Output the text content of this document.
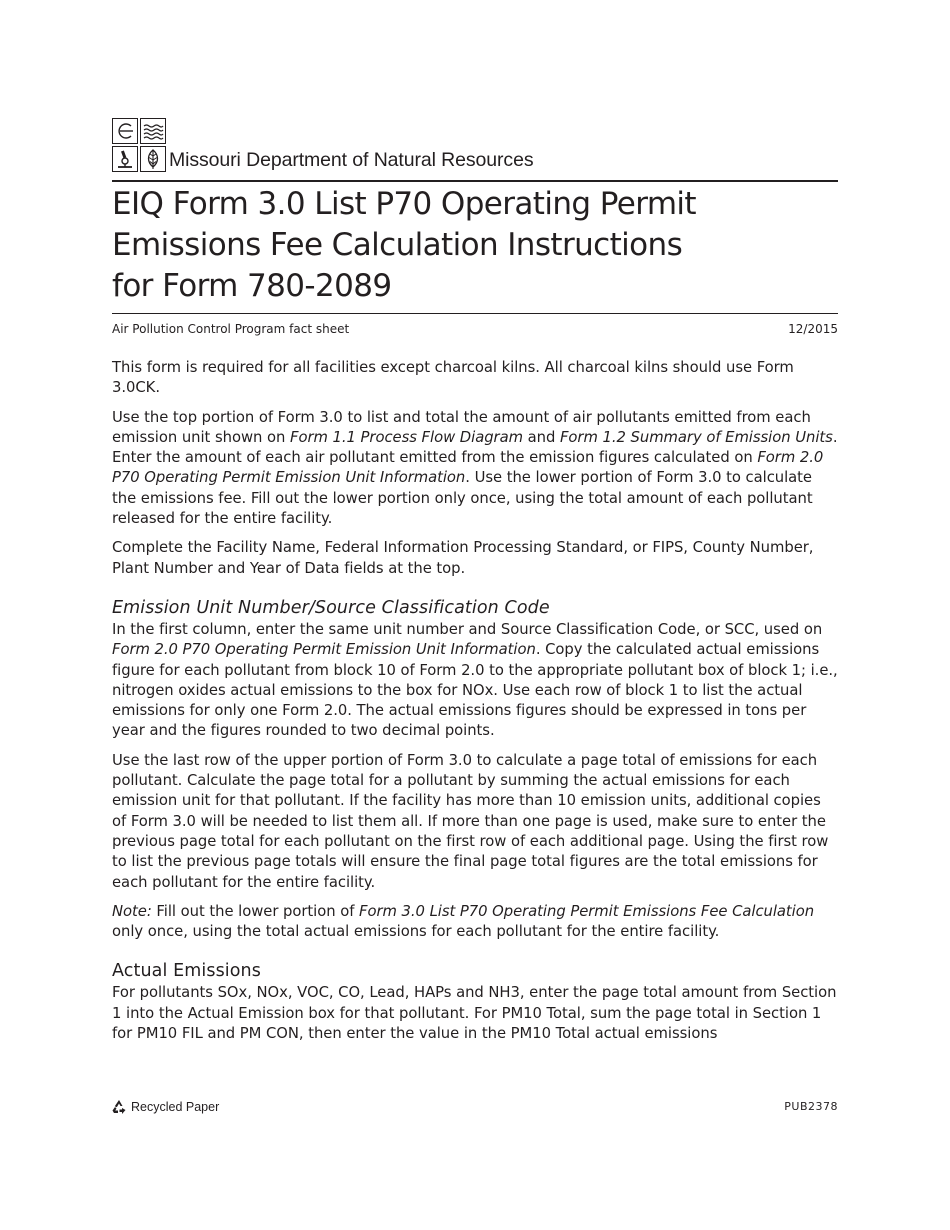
Missouri Department of Natural Resources
EIQ Form 3.0 List P70 Operating Permit
Emissions Fee Calculation Instructions
for Form 780-2089
Air Pollution Control Program fact sheet	12/2015

This form is required for all facilities except charcoal kilns. All charcoal kilns should use Form 3.0CK.

Use the top portion of Form 3.0 to list and total the amount of air pollutants emitted from each emission unit shown on Form 1.1 Process Flow Diagram and Form 1.2 Summary of Emission Units. Enter the amount of each air pollutant emitted from the emission figures calculated on Form 2.0 P70 Operating Permit Emission Unit Information. Use the lower portion of Form 3.0 to calculate the emissions fee. Fill out the lower portion only once, using the total amount of each pollutant released for the entire facility.

Complete the Facility Name, Federal Information Processing Standard, or FIPS, County Number, Plant Number and Year of Data fields at the top.

Emission Unit Number/Source Classification Code

In the first column, enter the same unit number and Source Classification Code, or SCC, used on Form 2.0 P70 Operating Permit Emission Unit Information. Copy the calculated actual emissions figure for each pollutant from block 10 of Form 2.0 to the appropriate pollutant box of block 1; i.e., nitrogen oxides actual emissions to the box for NOx. Use each row of block 1 to list the actual emissions for only one Form 2.0. The actual emissions figures should be expressed in tons per year and the figures rounded to two decimal points.

Use the last row of the upper portion of Form 3.0 to calculate a page total of emissions for each pollutant. Calculate the page total for a pollutant by summing the actual emissions for each emission unit for that pollutant. If the facility has more than 10 emission units, additional copies of Form 3.0 will be needed to list them all. If more than one page is used, make sure to enter the previous page total for each pollutant on the first row of each additional page. Using the first row to list the previous page totals will ensure the final page total figures are the total emissions for each pollutant for the entire facility.

Note: Fill out the lower portion of Form 3.0 List P70 Operating Permit Emissions Fee Calculation only once, using the total actual emissions for each pollutant for the entire facility.

Actual Emissions

For pollutants SOx, NOx, VOC, CO, Lead, HAPs and NH3, enter the page total amount from Section 1 into the Actual Emission box for that pollutant. For PM10 Total, sum the page total in Section 1 for PM10 FIL and PM CON, then enter the value in the PM10 Total actual emissions

Recycled Paper	PUB2378
